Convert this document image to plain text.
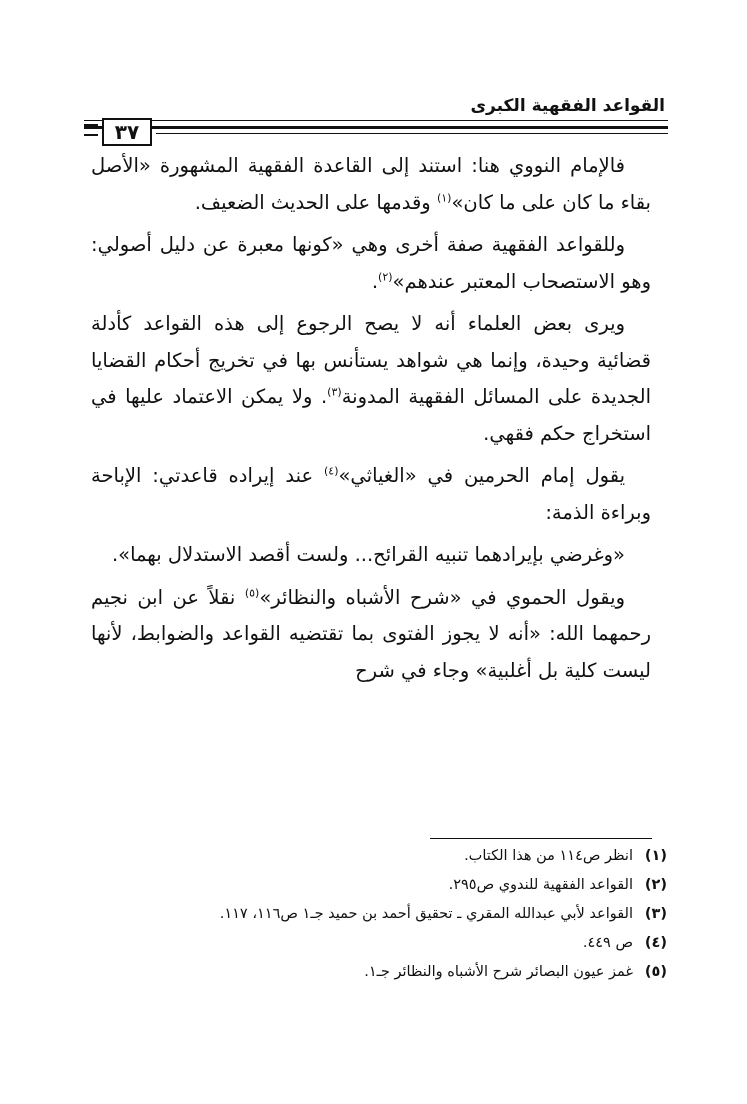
القواعد الفقهية الكبرى
٣٧

فالإمام النووي هنا: استند إلى القاعدة الفقهية المشهورة «الأصل بقاء ما كان على ما كان»$^{(١)}$ وقدمها على الحديث الضعيف.

وللقواعد الفقهية صفة أخرى وهي «كونها معبرة عن دليل أصولي: وهو الاستصحاب المعتبر عندهم»$^{(٢)}$.

ويرى بعض العلماء أنه لا يصح الرجوع إلى هذه القواعد كأدلة قضائية وحيدة، وإنما هي شواهد يستأنس بها في تخريج أحكام القضايا الجديدة على المسائل الفقهية المدونة$^{(٣)}$. ولا يمكن الاعتماد عليها في استخراج حكم فقهي.

يقول إمام الحرمين في «الغياثي»$^{(٤)}$ عند إيراده قاعدتي: الإباحة وبراءة الذمة:

«وغرضي بإيرادهما تنبيه القرائح... ولست أقصد الاستدلال بهما».

ويقول الحموي في «شرح الأشباه والنظائر»$^{(٥)}$ نقلاً عن ابن نجيم رحمهما الله: «أنه لا يجوز الفتوى بما تقتضيه القواعد والضوابط، لأنها ليست كلية بل أغلبية» وجاء في شرح

(١)انظر ص١١٤ من هذا الكتاب.
(٢)القواعد الفقهية للندوي ص٢٩٥.
(٣)القواعد لأبي عبدالله المقري ـ تحقيق أحمد بن حميد جـ١ ص١١٦، ١١٧.
(٤)ص ٤٤٩.
(٥)غمز عيون البصائر شرح الأشباه والنظائر جـ١.
